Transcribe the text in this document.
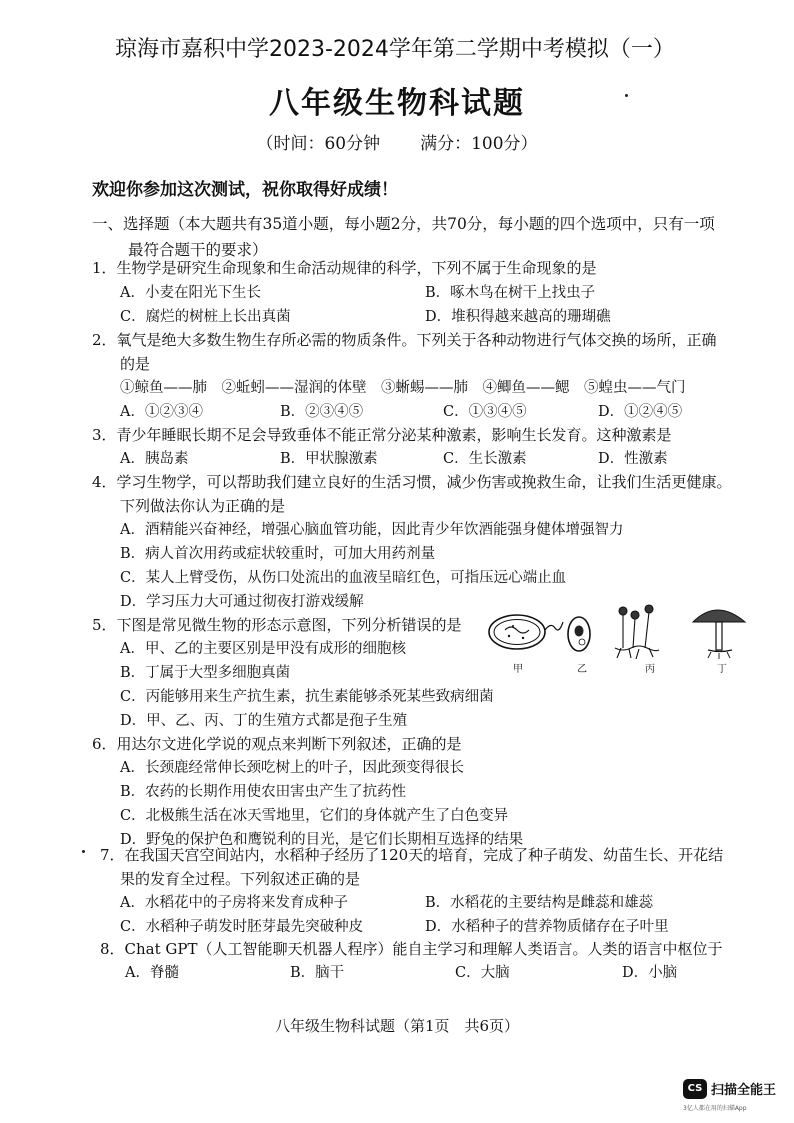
琼海市嘉积中学2023-2024学年第二学期中考模拟（一）
八年级生物科试题
（时间：60分钟 满分：100分）
欢迎你参加这次测试，祝你取得好成绩！
一、选择题（本大题共有35道小题，每小题2分，共70分，每小题的四个选项中，只有一项
最符合题干的要求）
1．生物学是研究生命现象和生命活动规律的科学，下列不属于生命现象的是
A．小麦在阳光下生长	B．啄木鸟在树干上找虫子
C．腐烂的树桩上长出真菌	D．堆积得越来越高的珊瑚礁
2．氧气是绝大多数生物生存所必需的物质条件。下列关于各种动物进行气体交换的场所，正确
的是
①鲸鱼——肺　②蚯蚓——湿润的体壁　③蜥蜴——肺　④鲫鱼——鳃　⑤蝗虫——气门
A．①②③④	B．②③④⑤	C．①③④⑤	D．①②④⑤
3．青少年睡眠长期不足会导致垂体不能正常分泌某种激素，影响生长发育。这种激素是
A．胰岛素	B．甲状腺激素	C．生长激素	D．性激素
4．学习生物学，可以帮助我们建立良好的生活习惯，减少伤害或挽救生命，让我们生活更健康。
下列做法你认为正确的是
A．酒精能兴奋神经，增强心脑血管功能，因此青少年饮酒能强身健体增强智力
B．病人首次用药或症状较重时，可加大用药剂量
C．某人上臂受伤，从伤口处流出的血液呈暗红色，可指压远心端止血
D．学习压力大可通过彻夜打游戏缓解
5．下图是常见微生物的形态示意图，下列分析错误的是
A．甲、乙的主要区别是甲没有成形的细胞核
B．丁属于大型多细胞真菌
C．丙能够用来生产抗生素，抗生素能够杀死某些致病细菌
D．甲、乙、丙、丁的生殖方式都是孢子生殖
甲	乙	丙	丁
6．用达尔文进化学说的观点来判断下列叙述，正确的是
A．长颈鹿经常伸长颈吃树上的叶子，因此颈变得很长
B．农药的长期作用使农田害虫产生了抗药性
C．北极熊生活在冰天雪地里，它们的身体就产生了白色变异
D．野兔的保护色和鹰锐利的目光，是它们长期相互选择的结果
7．在我国天宫空间站内，水稻种子经历了120天的培育，完成了种子萌发、幼苗生长、开花结
果的发育全过程。下列叙述正确的是
A．水稻花中的子房将来发育成种子	B．水稻花的主要结构是雌蕊和雄蕊
C．水稻种子萌发时胚芽最先突破种皮	D．水稻种子的营养物质储存在子叶里
8．Chat GPT（人工智能聊天机器人程序）能自主学习和理解人类语言。人类的语言中枢位于
A．脊髓	B．脑干	C．大脑	D．小脑
八年级生物科试题（第1页　共6页）
CS 扫描全能王
3亿人都在用的扫描App
